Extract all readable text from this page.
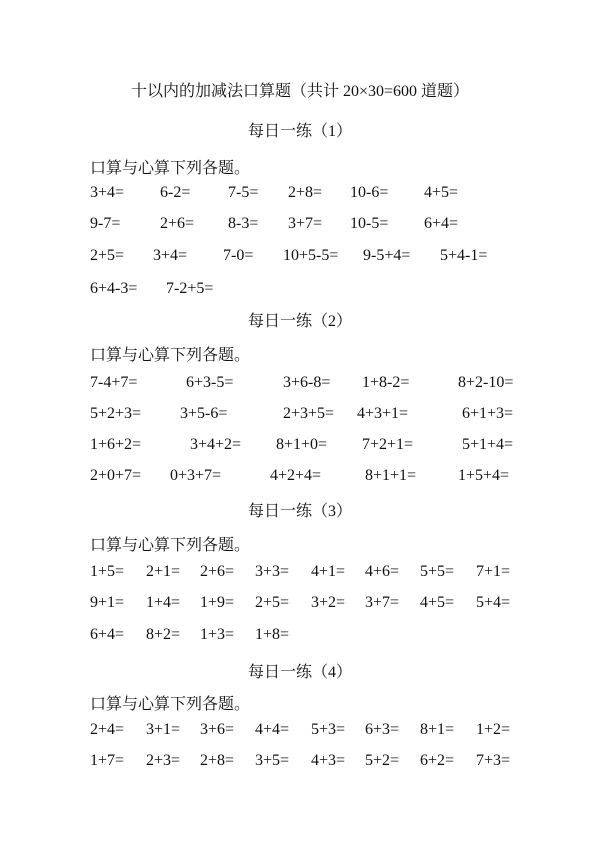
十以内的加减法口算题（共计 20×30=600 道题）
每日一练（1）
口算与心算下列各题。
3+4= 6-2= 7-5= 2+8= 10-6= 4+5=
9-7= 2+6= 8-3= 3+7= 10-5= 6+4=
2+5= 3+4= 7-0= 10+5-5= 9-5+4= 5+4-1=
6+4-3= 7-2+5=
每日一练（2）
口算与心算下列各题。
7-4+7=	6+3-5=	3+6-8= 1+8-2=	8+2-10=
5+2+3= 3+5-6=	2+3+5= 4+3+1=	6+1+3=
1+6+2=	3+4+2= 8+1+0= 7+2+1=	5+1+4=
2+0+7= 0+3+7=	4+2+4=	8+1+1=	1+5+4=
每日一练（3）
口算与心算下列各题。
1+5= 2+1= 2+6= 3+3= 4+1= 4+6= 5+5= 7+1=
9+1= 1+4= 1+9= 2+5= 3+2= 3+7= 4+5= 5+4=
6+4= 8+2= 1+3= 1+8=
每日一练（4）
口算与心算下列各题。
2+4= 3+1= 3+6= 4+4= 5+3= 6+3= 8+1= 1+2=
1+7= 2+3= 2+8= 3+5= 4+3= 5+2= 6+2= 7+3=
